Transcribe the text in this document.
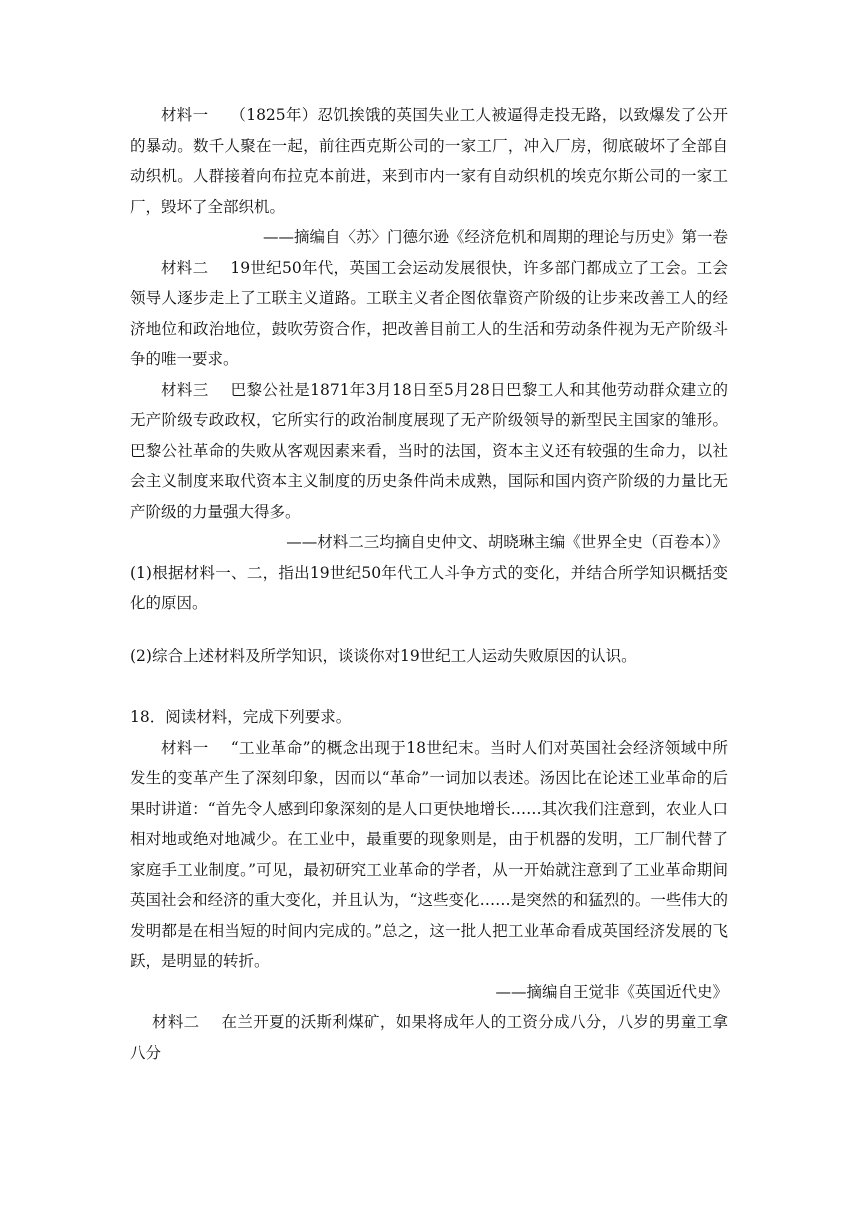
材料一 （1825年）忍饥挨饿的英国失业工人被逼得走投无路，以致爆发了公开的暴动。数千人聚在一起，前往西克斯公司的一家工厂，冲入厂房，彻底破坏了全部自动织机。人群接着向布拉克本前进，来到市内一家有自动织机的埃克尔斯公司的一家工厂，毁坏了全部织机。

——摘编自〈苏〉门德尔逊《经济危机和周期的理论与历史》第一卷

材料二 19世纪50年代，英国工会运动发展很快，许多部门都成立了工会。工会领导人逐步走上了工联主义道路。工联主义者企图依靠资产阶级的让步来改善工人的经济地位和政治地位，鼓吹劳资合作，把改善目前工人的生活和劳动条件视为无产阶级斗争的唯一要求。

材料三 巴黎公社是1871年3月18日至5月28日巴黎工人和其他劳动群众建立的无产阶级专政政权，它所实行的政治制度展现了无产阶级领导的新型民主国家的雏形。巴黎公社革命的失败从客观因素来看，当时的法国，资本主义还有较强的生命力，以社会主义制度来取代资本主义制度的历史条件尚未成熟，国际和国内资产阶级的力量比无产阶级的力量强大得多。

——材料二三均摘自史仲文、胡晓琳主编《世界全史（百卷本）》

(1)根据材料一、二，指出19世纪50年代工人斗争方式的变化，并结合所学知识概括变化的原因。

(2)综合上述材料及所学知识，谈谈你对19世纪工人运动失败原因的认识。

18．阅读材料，完成下列要求。

材料一 “工业革命”的概念出现于18世纪末。当时人们对英国社会经济领域中所发生的变革产生了深刻印象，因而以“革命”一词加以表述。汤因比在论述工业革命的后果时讲道：“首先令人感到印象深刻的是人口更快地增长……其次我们注意到，农业人口相对地或绝对地减少。在工业中，最重要的现象则是，由于机器的发明，工厂制代替了家庭手工业制度。”可见，最初研究工业革命的学者，从一开始就注意到了工业革命期间英国社会和经济的重大变化，并且认为，“这些变化……是突然的和猛烈的。一些伟大的发明都是在相当短的时间内完成的。”总之，这一批人把工业革命看成英国经济发展的飞跃，是明显的转折。

——摘编自王觉非《英国近代史》

材料二 在兰开夏的沃斯利煤矿，如果将成年人的工资分成八分，八岁的男童工拿八分
